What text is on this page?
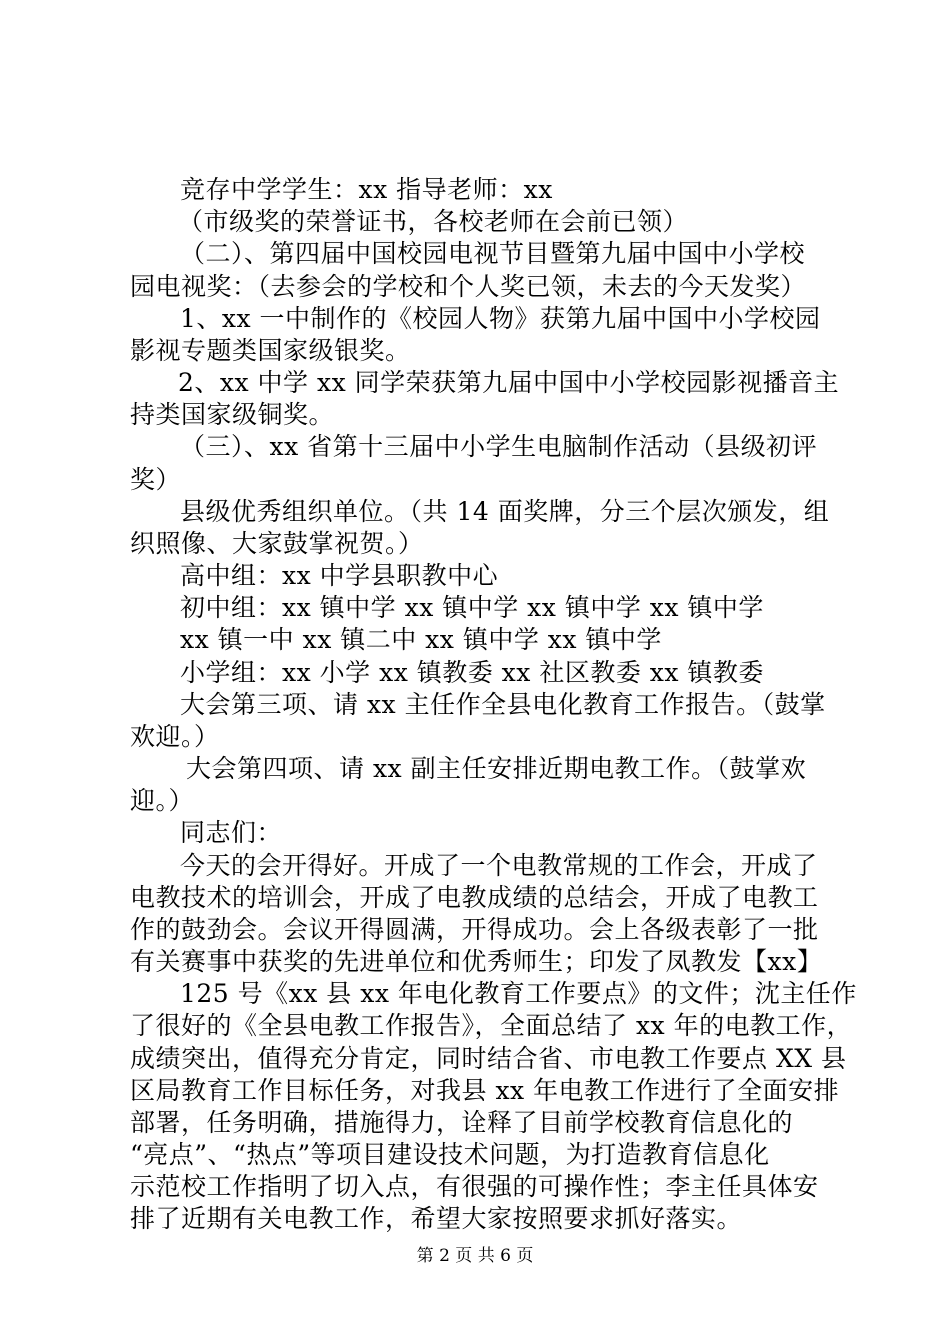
竞存中学学生：xx 指导老师：xx
（市级奖的荣誉证书，各校老师在会前已领）
（二）、第四届中国校园电视节目暨第九届中国中小学校
园电视奖：（去参会的学校和个人奖已领，未去的今天发奖）
1、xx 一中制作的《校园人物》获第九届中国中小学校园
影视专题类国家级银奖。
2、xx 中学 xx 同学荣获第九届中国中小学校园影视播音主
持类国家级铜奖。
（三）、xx 省第十三届中小学生电脑制作活动（县级初评
奖）
县级优秀组织单位。（共 14 面奖牌，分三个层次颁发，组
织照像、大家鼓掌祝贺。）
高中组：xx 中学县职教中心
初中组：xx 镇中学 xx 镇中学 xx 镇中学 xx 镇中学
xx 镇一中 xx 镇二中 xx 镇中学 xx 镇中学
小学组：xx 小学 xx 镇教委 xx 社区教委 xx 镇教委
大会第三项、请 xx 主任作全县电化教育工作报告。（鼓掌
欢迎。）
大会第四项、请 xx 副主任安排近期电教工作。（鼓掌欢
迎。）
同志们：
今天的会开得好。开成了一个电教常规的工作会，开成了
电教技术的培训会，开成了电教成绩的总结会，开成了电教工
作的鼓劲会。会议开得圆满，开得成功。会上各级表彰了一批
有关赛事中获奖的先进单位和优秀师生；印发了凤教发【xx】
125 号《xx 县 xx 年电化教育工作要点》的文件；沈主任作
了很好的《全县电教工作报告》，全面总结了 xx 年的电教工作，
成绩突出，值得充分肯定，同时结合省、市电教工作要点 XX 县
区局教育工作目标任务，对我县 xx 年电教工作进行了全面安排
部署，任务明确，措施得力，诠释了目前学校教育信息化的
“亮点”、“热点”等项目建设技术问题，为打造教育信息化
示范校工作指明了切入点，有很强的可操作性；李主任具体安
排了近期有关电教工作，希望大家按照要求抓好落实。
第 2 页 共 6 页
